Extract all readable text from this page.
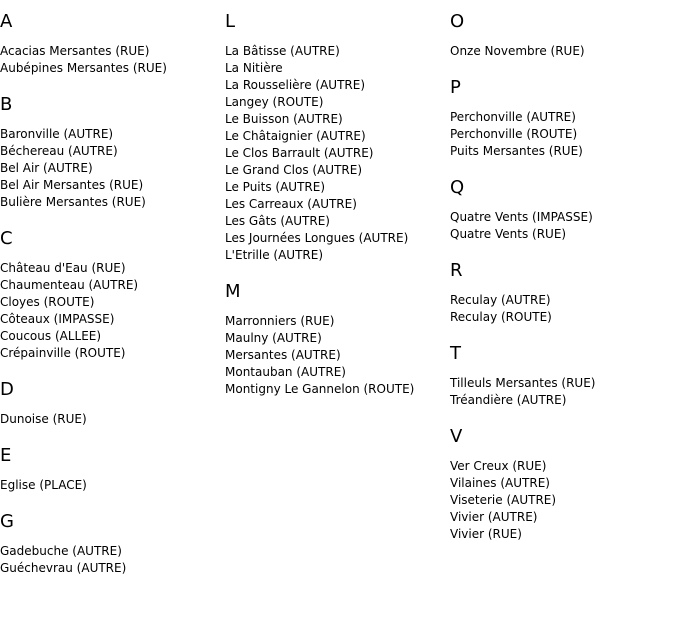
A
Acacias Mersantes (RUE)
Aubépines Mersantes (RUE)
B
Baronville (AUTRE)
Béchereau (AUTRE)
Bel Air (AUTRE)
Bel Air Mersantes (RUE)
Bulière Mersantes (RUE)
C
Château d'Eau (RUE)
Chaumenteau (AUTRE)
Cloyes (ROUTE)
Côteaux (IMPASSE)
Coucous (ALLEE)
Crépainville (ROUTE)
D
Dunoise (RUE)
E
Eglise (PLACE)
G
Gadebuche (AUTRE)
Guéchevrau (AUTRE)
L
La Bâtisse (AUTRE)
La Nitière
La Rousselière (AUTRE)
Langey (ROUTE)
Le Buisson (AUTRE)
Le Châtaignier (AUTRE)
Le Clos Barrault (AUTRE)
Le Grand Clos (AUTRE)
Le Puits (AUTRE)
Les Carreaux (AUTRE)
Les Gâts (AUTRE)
Les Journées Longues (AUTRE)
L'Etrille (AUTRE)
M
Marronniers (RUE)
Maulny (AUTRE)
Mersantes (AUTRE)
Montauban (AUTRE)
Montigny Le Gannelon (ROUTE)
O
Onze Novembre (RUE)
P
Perchonville (AUTRE)
Perchonville (ROUTE)
Puits Mersantes (RUE)
Q
Quatre Vents (IMPASSE)
Quatre Vents (RUE)
R
Reculay (AUTRE)
Reculay (ROUTE)
T
Tilleuls Mersantes (RUE)
Tréandière (AUTRE)
V
Ver Creux (RUE)
Vilaines (AUTRE)
Viseterie (AUTRE)
Vivier (AUTRE)
Vivier (RUE)
